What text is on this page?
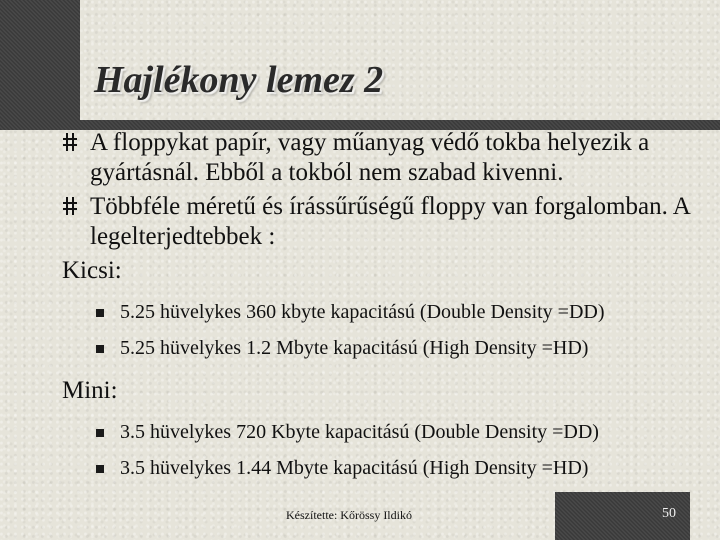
Hajlékony lemez 2
A floppykat papír, vagy műanyag védő tokba helyezik a gyártásnál. Ebből a tokból nem szabad kivenni.
Többféle méretű és írássűrűségű floppy van forgalomban. A legelterjedtebbek :

Kicsi:

5.25 hüvelykes 360 kbyte kapacitású (Double Density =DD)
5.25 hüvelykes 1.2 Mbyte kapacitású (High Density =HD)

Mini:

3.5 hüvelykes 720 Kbyte kapacitású (Double Density =DD)
3.5 hüvelykes 1.44 Mbyte kapacitású (High Density =HD)
Készítette: Kőrössy Ildikó	50
